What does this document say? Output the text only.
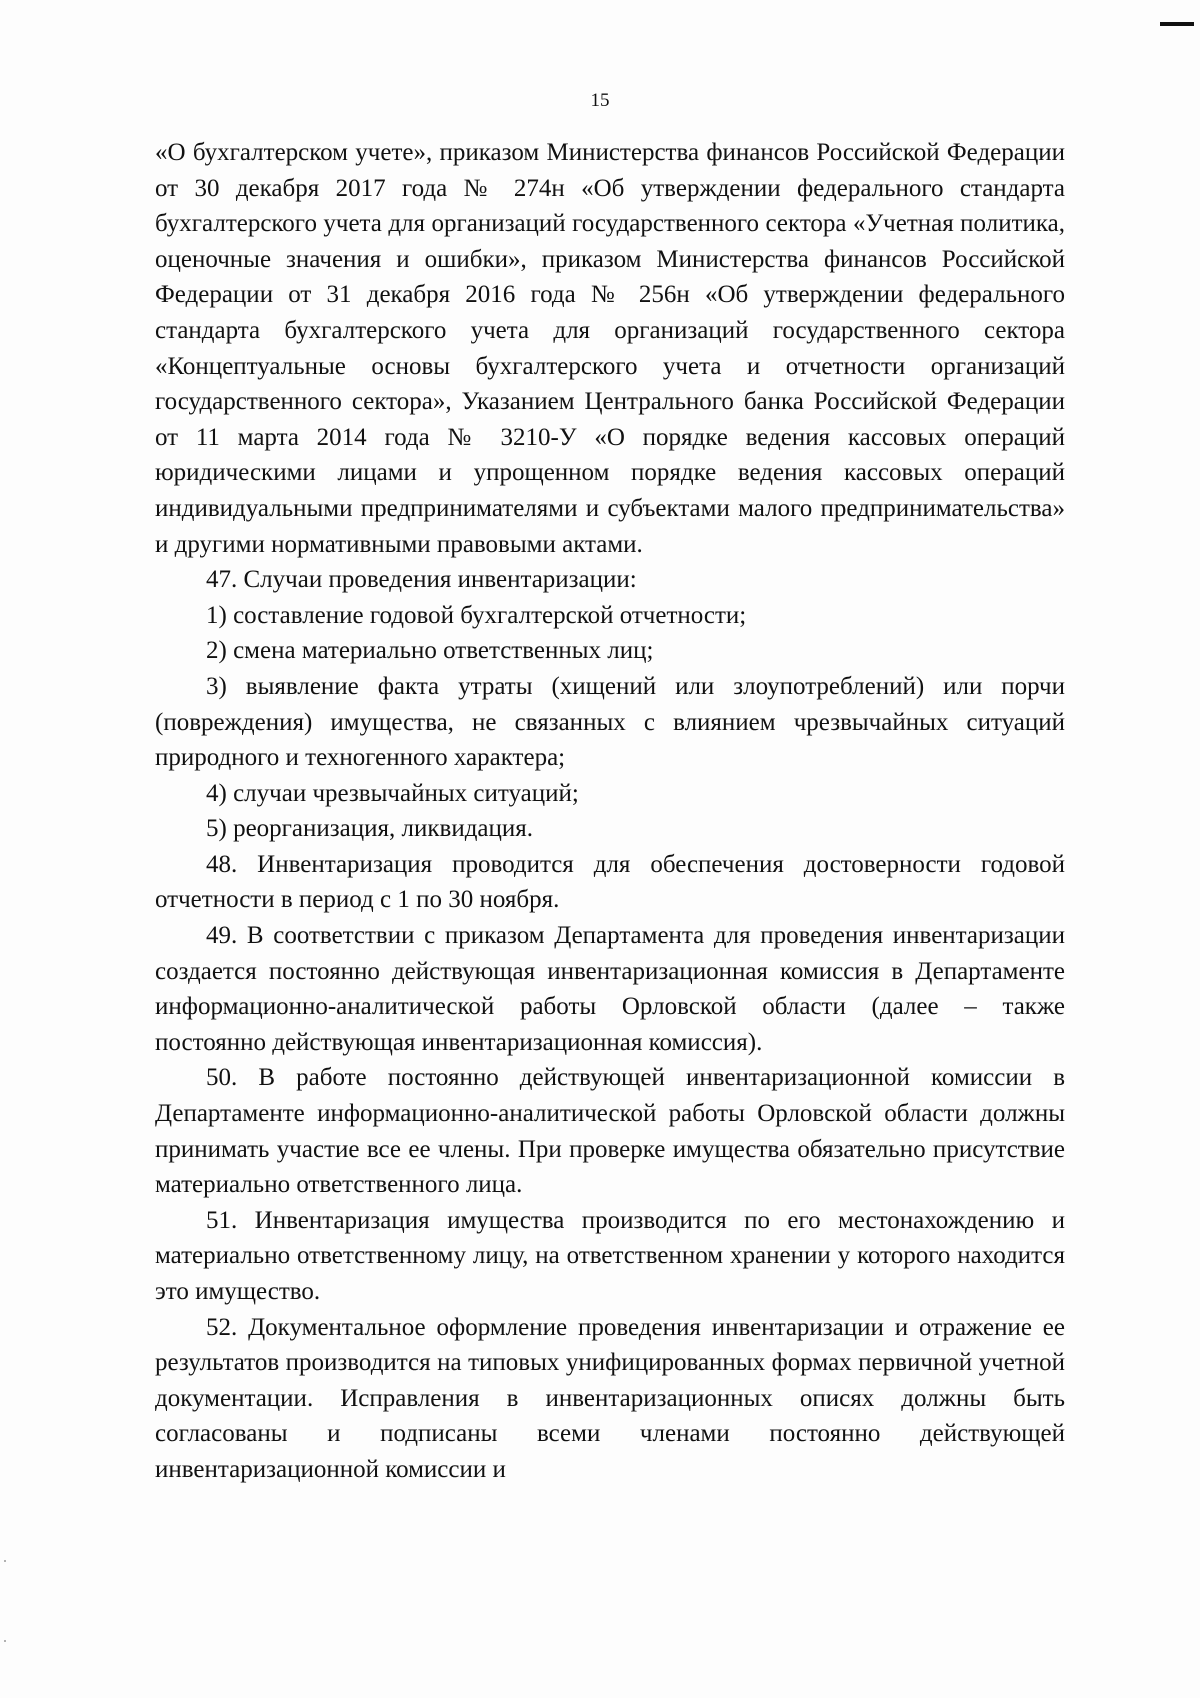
15

«О бухгалтерском учете», приказом Министерства финансов Российской Федерации от 30 декабря 2017 года № 274н «Об утверждении федерального стандарта бухгалтерского учета для организаций государственного сектора «Учетная политика, оценочные значения и ошибки», приказом Министерства финансов Российской Федерации от 31 декабря 2016 года № 256н «Об утверждении федерального стандарта бухгалтерского учета для организаций государственного сектора «Концептуальные основы бухгалтерского учета и отчетности организаций государственного сектора», Указанием Центрального банка Российской Федерации от 11 марта 2014 года № 3210-У «О порядке ведения кассовых операций юридическими лицами и упрощенном порядке ведения кассовых операций индивидуальными предпринимателями и субъектами малого предпринимательства» и другими нормативными правовыми актами.

47. Случаи проведения инвентаризации:

1) составление годовой бухгалтерской отчетности;

2) смена материально ответственных лиц;

3) выявление факта утраты (хищений или злоупотреблений) или порчи (повреждения) имущества, не связанных с влиянием чрезвычайных ситуаций природного и техногенного характера;

4) случаи чрезвычайных ситуаций;

5) реорганизация, ликвидация.

48. Инвентаризация проводится для обеспечения достоверности годовой отчетности в период с 1 по 30 ноября.

49. В соответствии с приказом Департамента для проведения инвентаризации создается постоянно действующая инвентаризационная комиссия в Департаменте информационно-аналитической работы Орловской области (далее – также постоянно действующая инвентаризационная комиссия).

50. В работе постоянно действующей инвентаризационной комиссии в Департаменте информационно-аналитической работы Орловской области должны принимать участие все ее члены. При проверке имущества обязательно присутствие материально ответственного лица.

51. Инвентаризация имущества производится по его местонахождению и материально ответственному лицу, на ответственном хранении у которого находится это имущество.

52. Документальное оформление проведения инвентаризации и отражение ее результатов производится на типовых унифицированных формах первичной учетной документации. Исправления в инвентаризационных описях должны быть согласованы и подписаны всеми членами постоянно действующей инвентаризационной комиссии и
